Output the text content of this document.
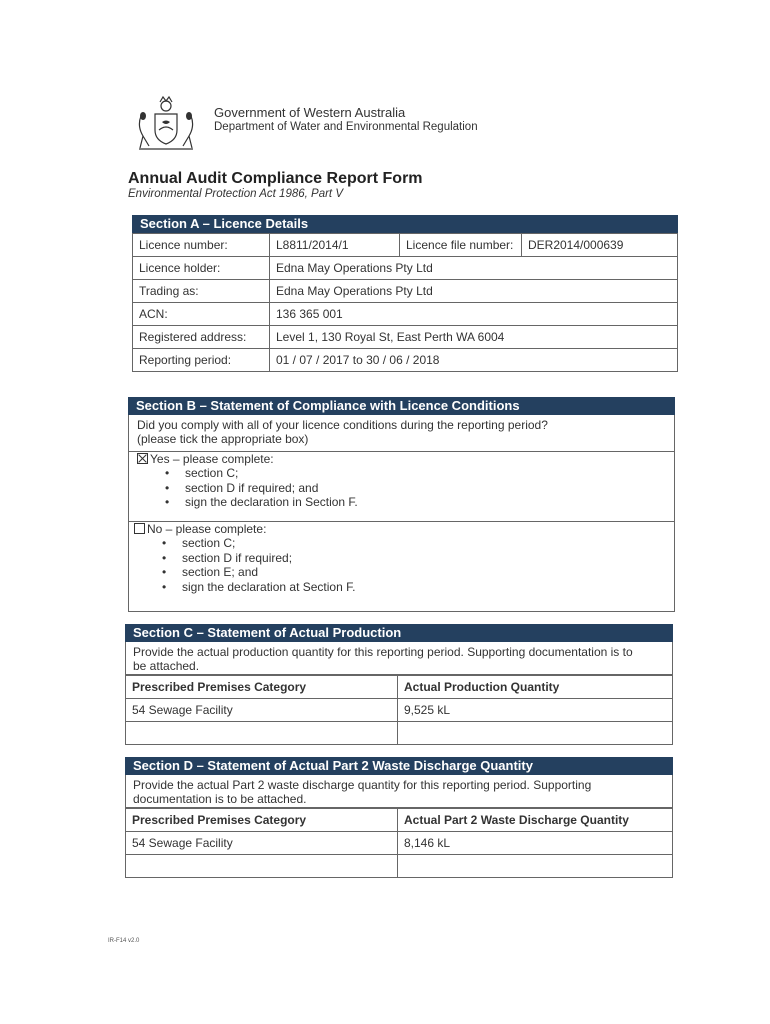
Government of Western Australia
Department of Water and Environmental Regulation
Annual Audit Compliance Report Form
Environmental Protection Act 1986, Part V
Section A – Licence Details
Licence number:	L8811/2014/1	Licence file number:	DER2014/000639
Licence holder:	Edna May Operations Pty Ltd		
Trading as:	Edna May Operations Pty Ltd		
ACN:	136 365 001		
Registered address:	Level 1, 130 Royal St, East Perth WA 6004		
Reporting period:	01 / 07 / 2017 to 30 / 06 / 2018		
Section B – Statement of Compliance with Licence Conditions

Did you comply with all of your licence conditions during the reporting period?

(please tick the appropriate box)

Yes – please complete:

• section C;
• section D if required; and
• sign the declaration in Section F.

No – please complete:

• section C;
• section D if required;
• section E; and
• sign the declaration at Section F.
Section C – Statement of Actual Production

Provide the actual production quantity for this reporting period. Supporting documentation is to

be attached.

Prescribed Premises Category	Actual Production Quantity
54 Sewage Facility	9,525 kL

Section D – Statement of Actual Part 2 Waste Discharge Quantity

Provide the actual Part 2 waste discharge quantity for this reporting period. Supporting

documentation is to be attached.

Prescribed Premises Category	Actual Part 2 Waste Discharge Quantity
54 Sewage Facility	8,146 kL

IR-F14 v2.0
